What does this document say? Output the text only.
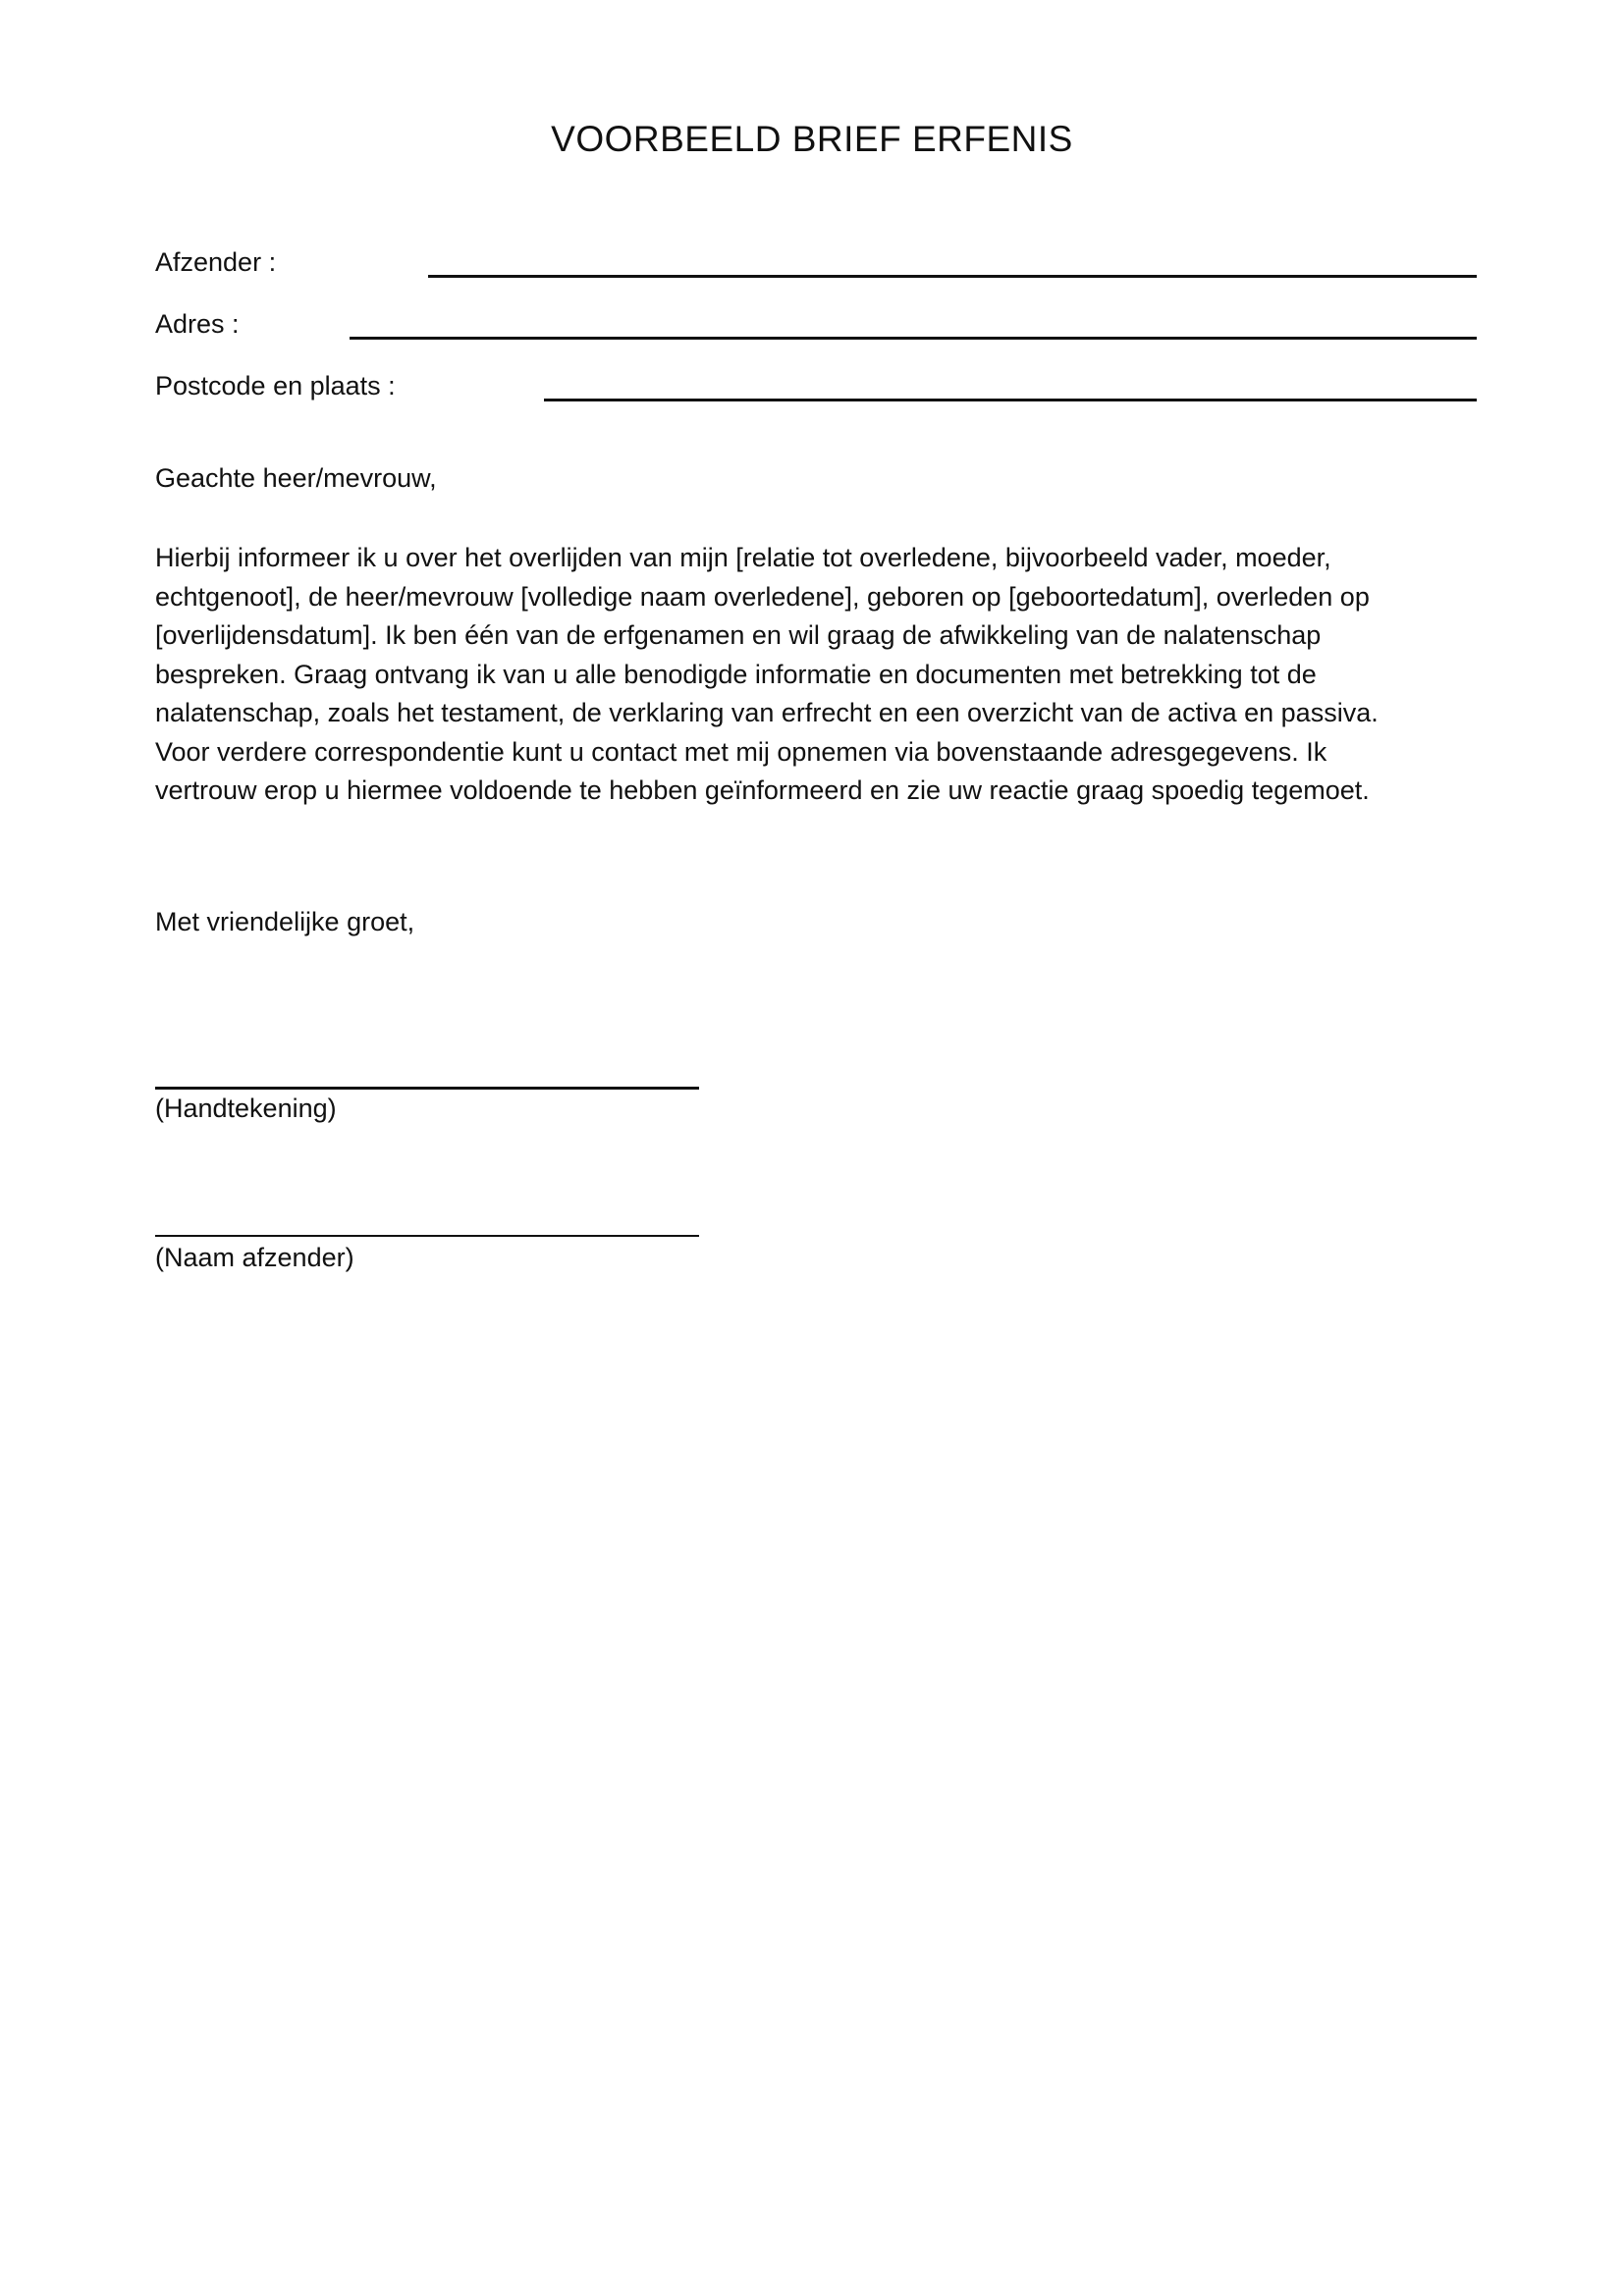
VOORBEELD BRIEF ERFENIS
Afzender :
Adres :
Postcode en plaats :
Geachte heer/mevrouw,
Hierbij informeer ik u over het overlijden van mijn [relatie tot overledene, bijvoorbeeld vader, moeder,
echtgenoot], de heer/mevrouw [volledige naam overledene], geboren op [geboortedatum], overleden op
[overlijdensdatum]. Ik ben één van de erfgenamen en wil graag de afwikkeling van de nalatenschap
bespreken. Graag ontvang ik van u alle benodigde informatie en documenten met betrekking tot de
nalatenschap, zoals het testament, de verklaring van erfrecht en een overzicht van de activa en passiva.
Voor verdere correspondentie kunt u contact met mij opnemen via bovenstaande adresgegevens. Ik
vertrouw erop u hiermee voldoende te hebben geïnformeerd en zie uw reactie graag spoedig tegemoet.
Met vriendelijke groet,
(Handtekening)
(Naam afzender)
